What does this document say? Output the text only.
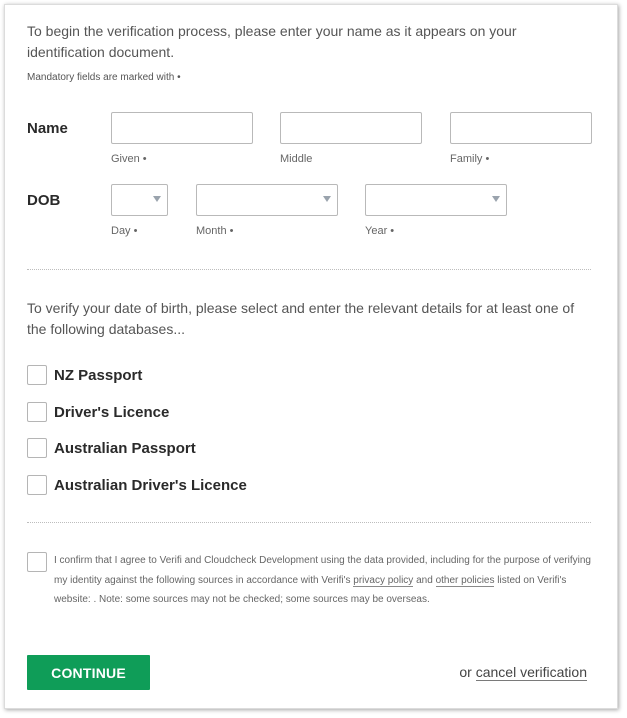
To begin the verification process, please enter your name as it appears on your identification document.
Mandatory fields are marked with •
Name
Given •	Middle	Family •
DOB
Day •	Month •	Year •
To verify your date of birth, please select and enter the relevant details for at least one of the following databases...
NZ Passport
Driver's Licence
Australian Passport
Australian Driver's Licence
I confirm that I agree to Verifi and Cloudcheck Development using the data provided, including for the purpose of verifying my identity against the following sources in accordance with Verifi's privacy policy and other policies listed on Verifi's website: . Note: some sources may not be checked; some sources may be overseas.
CONTINUE	or cancel verification
